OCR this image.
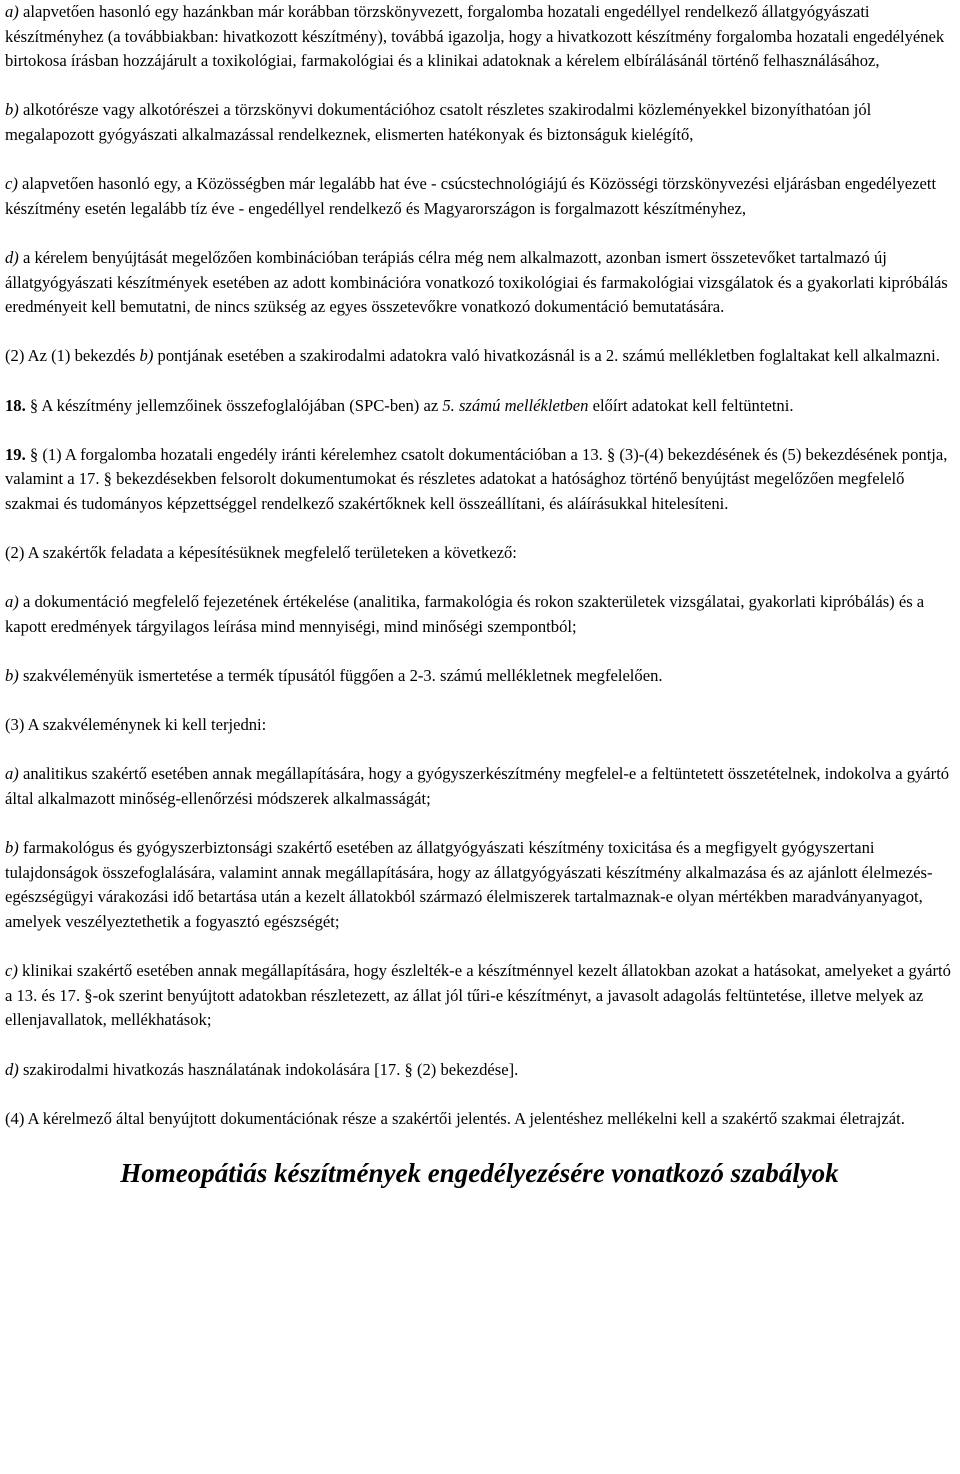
a) alapvetően hasonló egy hazánkban már korábban törzskönyvezett, forgalomba hozatali engedéllyel rendelkező állatgyógyászati készítményhez (a továbbiakban: hivatkozott készítmény), továbbá igazolja, hogy a hivatkozott készítmény forgalomba hozatali engedélyének birtokosa írásban hozzájárult a toxikológiai, farmakológiai és a klinikai adatoknak a kérelem elbírálásánál történő felhasználásához,

b) alkotórésze vagy alkotórészei a törzskönyvi dokumentációhoz csatolt részletes szakirodalmi közleményekkel bizonyíthatóan jól megalapozott gyógyászati alkalmazással rendelkeznek, elismerten hatékonyak és biztonságuk kielégítő,

c) alapvetően hasonló egy, a Közösségben már legalább hat éve - csúcstechnológiájú és Közösségi törzskönyvezési eljárásban engedélyezett készítmény esetén legalább tíz éve - engedéllyel rendelkező és Magyarországon is forgalmazott készítményhez,

d) a kérelem benyújtását megelőzően kombinációban terápiás célra még nem alkalmazott, azonban ismert összetevőket tartalmazó új állatgyógyászati készítmények esetében az adott kombinációra vonatkozó toxikológiai és farmakológiai vizsgálatok és a gyakorlati kipróbálás eredményeit kell bemutatni, de nincs szükség az egyes összetevőkre vonatkozó dokumentáció bemutatására.

(2) Az (1) bekezdés b) pontjának esetében a szakirodalmi adatokra való hivatkozásnál is a 2. számú mellékletben foglaltakat kell alkalmazni.

18. § A készítmény jellemzőinek összefoglalójában (SPC-ben) az 5. számú mellékletben előírt adatokat kell feltüntetni.

19. § (1) A forgalomba hozatali engedély iránti kérelemhez csatolt dokumentációban a 13. § (3)-(4) bekezdésének és (5) bekezdésének pontja, valamint a 17. § bekezdésekben felsorolt dokumentumokat és részletes adatokat a hatósághoz történő benyújtást megelőzően megfelelő szakmai és tudományos képzettséggel rendelkező szakértőknek kell összeállítani, és aláírásukkal hitelesíteni.

(2) A szakértők feladata a képesítésüknek megfelelő területeken a következő:

a) a dokumentáció megfelelő fejezetének értékelése (analitika, farmakológia és rokon szakterületek vizsgálatai, gyakorlati kipróbálás) és a kapott eredmények tárgyilagos leírása mind mennyiségi, mind minőségi szempontból;

b) szakvéleményük ismertetése a termék típusától függően a 2-3. számú mellékletnek megfelelően.

(3) A szakvéleménynek ki kell terjedni:

a) analitikus szakértő esetében annak megállapítására, hogy a gyógyszerkészítmény megfelel-e a feltüntetett összetételnek, indokolva a gyártó által alkalmazott minőség-ellenőrzési módszerek alkalmasságát;

b) farmakológus és gyógyszerbiztonsági szakértő esetében az állatgyógyászati készítmény toxicitása és a megfigyelt gyógyszertani tulajdonságok összefoglalására, valamint annak megállapítására, hogy az állatgyógyászati készítmény alkalmazása és az ajánlott élelmezés-egészségügyi várakozási idő betartása után a kezelt állatokból származó élelmiszerek tartalmaznak-e olyan mértékben maradványanyagot, amelyek veszélyeztethetik a fogyasztó egészségét;

c) klinikai szakértő esetében annak megállapítására, hogy észlelték-e a készítménnyel kezelt állatokban azokat a hatásokat, amelyeket a gyártó a 13. és 17. §-ok szerint benyújtott adatokban részletezett, az állat jól tűri-e készítményt, a javasolt adagolás feltüntetése, illetve melyek az ellenjavallatok, mellékhatások;

d) szakirodalmi hivatkozás használatának indokolására [17. § (2) bekezdése].

(4) A kérelmező által benyújtott dokumentációnak része a szakértői jelentés. A jelentéshez mellékelni kell a szakértő szakmai életrajzát.

Homeopátiás készítmények engedélyezésére vonatkozó szabályok
